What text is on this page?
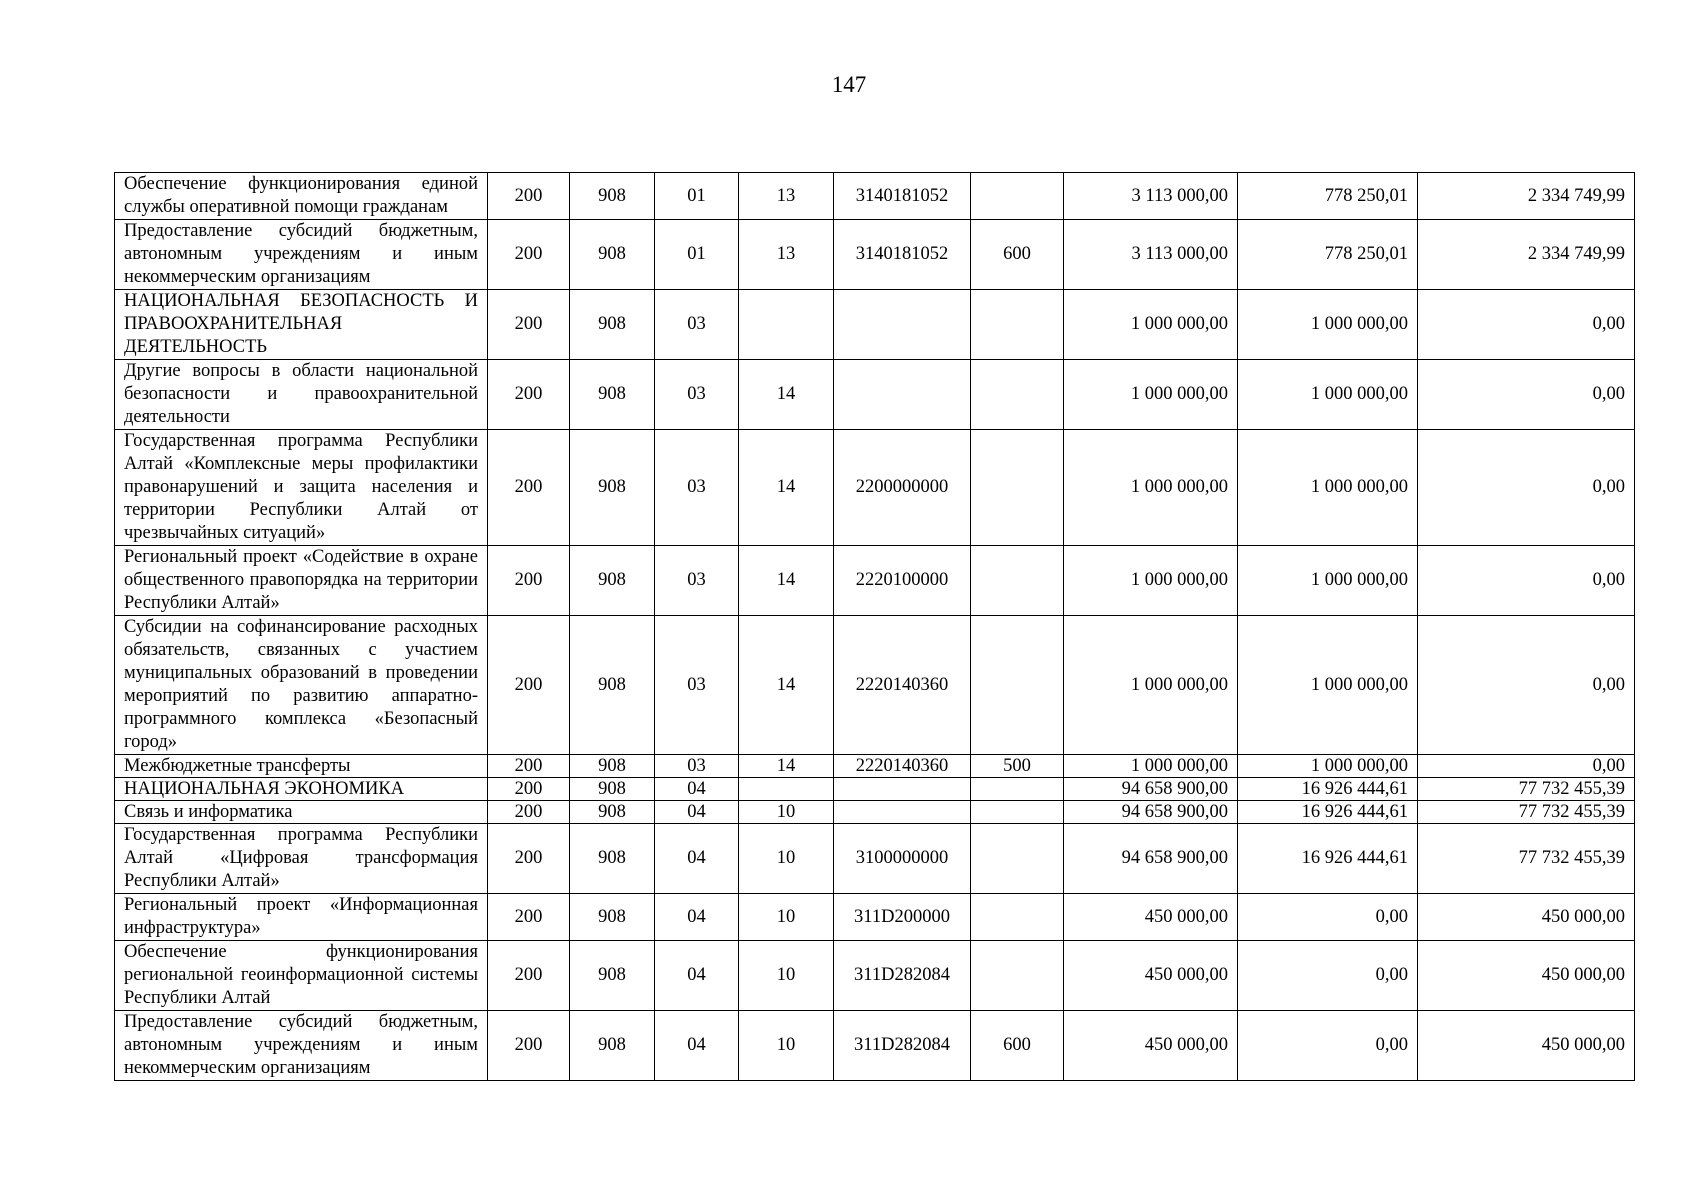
147
Обеспечение функционирования единой службы оперативной помощи гражданам	200	908	01	13	3140181052		3 113 000,00	778 250,01	2 334 749,99
Предоставление субсидий бюджетным, автономным учреждениям и иным некоммерческим организациям	200	908	01	13	3140181052	600	3 113 000,00	778 250,01	2 334 749,99
НАЦИОНАЛЬНАЯ БЕЗОПАСНОСТЬ И ПРАВООХРАНИТЕЛЬНАЯ ДЕЯТЕЛЬНОСТЬ	200	908	03				1 000 000,00	1 000 000,00	0,00
Другие вопросы в области национальной безопасности и правоохранительной деятельности	200	908	03	14			1 000 000,00	1 000 000,00	0,00
Государственная программа Республики Алтай «Комплексные меры профилактики правонарушений и защита населения и территории Республики Алтай от чрезвычайных ситуаций»	200	908	03	14	2200000000		1 000 000,00	1 000 000,00	0,00
Региональный проект «Содействие в охране общественного правопорядка на территории Республики Алтай»	200	908	03	14	2220100000		1 000 000,00	1 000 000,00	0,00
Субсидии на софинансирование расходных обязательств, связанных с участием муниципальных образований в проведении мероприятий по развитию аппаратно-программного комплекса «Безопасный город»	200	908	03	14	2220140360		1 000 000,00	1 000 000,00	0,00
Межбюджетные трансферты	200	908	03	14	2220140360	500	1 000 000,00	1 000 000,00	0,00
НАЦИОНАЛЬНАЯ ЭКОНОМИКА	200	908	04				94 658 900,00	16 926 444,61	77 732 455,39
Связь и информатика	200	908	04	10			94 658 900,00	16 926 444,61	77 732 455,39
Государственная программа Республики Алтай «Цифровая трансформация Республики Алтай»	200	908	04	10	3100000000		94 658 900,00	16 926 444,61	77 732 455,39
Региональный проект «Информационная инфраструктура»	200	908	04	10	311D200000		450 000,00	0,00	450 000,00
Обеспечение функционирования региональной геоинформационной системы Республики Алтай	200	908	04	10	311D282084		450 000,00	0,00	450 000,00
Предоставление субсидий бюджетным, автономным учреждениям и иным некоммерческим организациям	200	908	04	10	311D282084	600	450 000,00	0,00	450 000,00
